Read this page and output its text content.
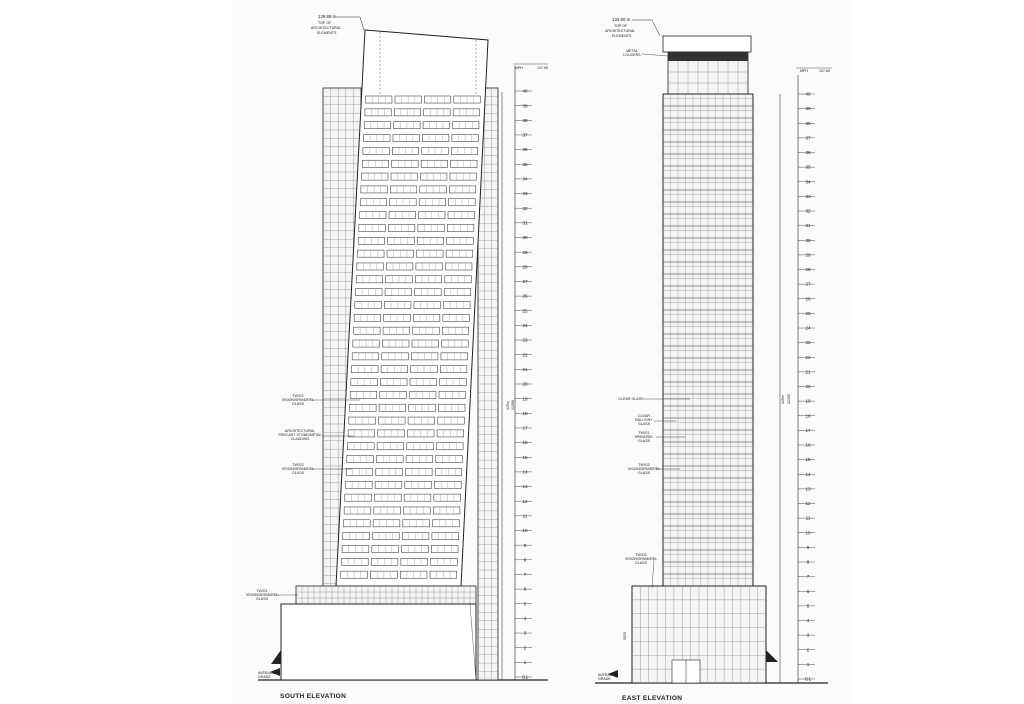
AVERAGE
GRADE
129.89 m
TOP OF
ARCHITECTURAL
ELEMENTS
MPH	137.89
125m 12390
40
39
38
37
36
35
34
33
32
31
30
29
28
27
26
25
24
23
22
21
20
19
18
17
16
15
14
13
12
11
10
9
8
7
6
5
4
3
2
1
G1
TW/G2
VISION/SPANDREL
GLASS
ARCHITECTURAL
PRECAST STONE/METAL
CLADDING
TW/G2
VISION/SPANDREL
GLASS
TW/G1
VISION/SPANDREL
GLASS
SOUTH ELEVATION
AVERAGE
GRADE
5020
133.80 m
TOP OF
ARCHITECTURAL
ELEMENTS
METAL
LOUVERS
CLEAR GLASS
CLEAR
BALCONY
GLASS
TW/G1
SPANDREL
GLASS
TW/G2
VISION/SPANDREL
GLASS
TW/G2
VISION/SPANDREL
GLASS
MPH	137.89
125m 12390
40
39
38
37
36
35
34
33
32
31
30
29
28
27
26
25
24
23
22
21
20
19
18
17
16
15
14
13
12
11
10
9
8
7
6
5
4
3
2
1
G1
EAST ELEVATION
